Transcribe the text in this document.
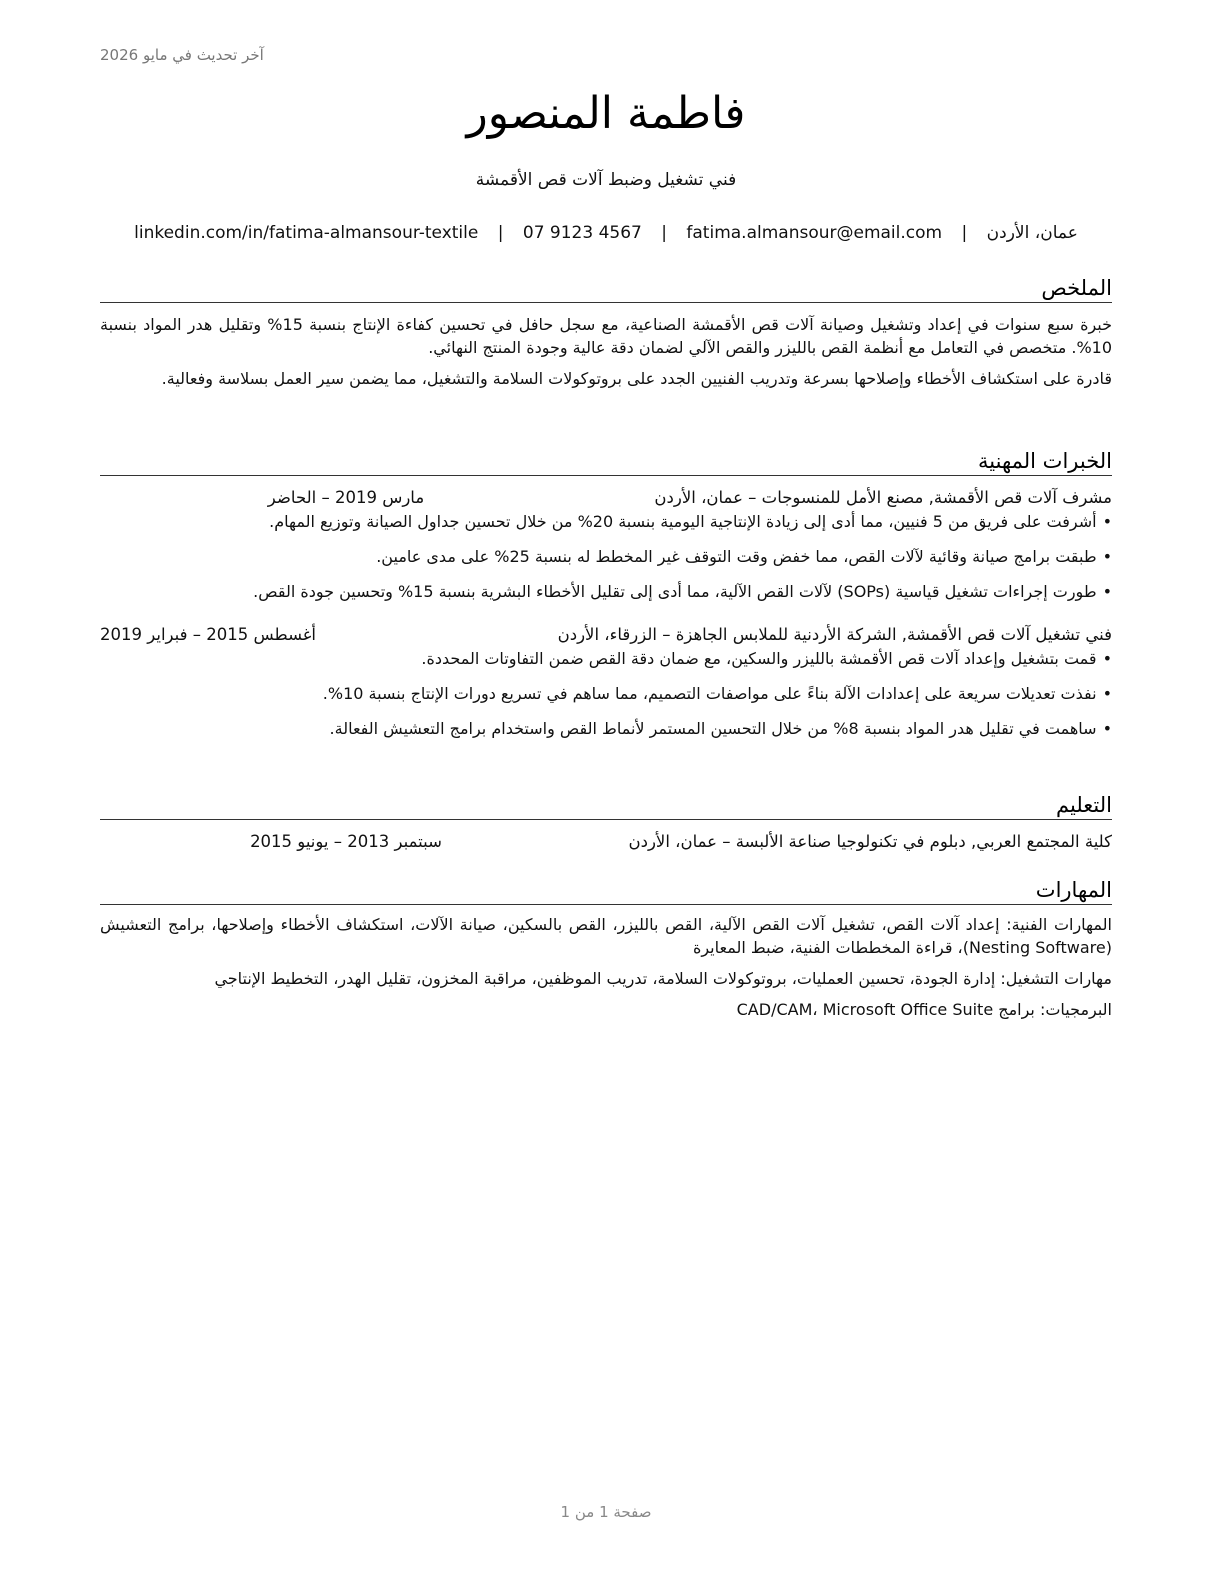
آخر تحديث في مايو 2026
فاطمة المنصور
فني تشغيل وضبط آلات قص الأقمشة
عمان، الأردن | fatima.almansour@email.com | 07 9123 4567 | linkedin.com/in/fatima-almansour-textile
الملخص

خبرة سبع سنوات في إعداد وتشغيل وصيانة آلات قص الأقمشة الصناعية، مع سجل حافل في تحسين كفاءة الإنتاج بنسبة 15% وتقليل هدر المواد بنسبة 10%. متخصص في التعامل مع أنظمة القص بالليزر والقص الآلي لضمان دقة عالية وجودة المنتج النهائي.

قادرة على استكشاف الأخطاء وإصلاحها بسرعة وتدريب الفنيين الجدد على بروتوكولات السلامة والتشغيل، مما يضمن سير العمل بسلاسة وفعالية.

الخبرات المهنية
مشرف آلات قص الأقمشة, مصنع الأمل للمنسوجات – عمان، الأردن
مارس 2019 – الحاضر
• أشرفت على فريق من 5 فنيين، مما أدى إلى زيادة الإنتاجية اليومية بنسبة 20% من خلال تحسين جداول الصيانة وتوزيع المهام.
• طبقت برامج صيانة وقائية لآلات القص، مما خفض وقت التوقف غير المخطط له بنسبة 25% على مدى عامين.
• طورت إجراءات تشغيل قياسية (SOPs) لآلات القص الآلية، مما أدى إلى تقليل الأخطاء البشرية بنسبة 15% وتحسين جودة القص.
فني تشغيل آلات قص الأقمشة, الشركة الأردنية للملابس الجاهزة – الزرقاء، الأردن
أغسطس 2015 – فبراير 2019
• قمت بتشغيل وإعداد آلات قص الأقمشة بالليزر والسكين، مع ضمان دقة القص ضمن التفاوتات المحددة.
• نفذت تعديلات سريعة على إعدادات الآلة بناءً على مواصفات التصميم، مما ساهم في تسريع دورات الإنتاج بنسبة 10%.
• ساهمت في تقليل هدر المواد بنسبة 8% من خلال التحسين المستمر لأنماط القص واستخدام برامج التعشيش الفعالة.
التعليم
كلية المجتمع العربي, دبلوم في تكنولوجيا صناعة الألبسة – عمان، الأردن
سبتمبر 2013 – يونيو 2015
المهارات

المهارات الفنية: إعداد آلات القص، تشغيل آلات القص الآلية، القص بالليزر، القص بالسكين، صيانة الآلات، استكشاف الأخطاء وإصلاحها، برامج التعشيش (Nesting Software)، قراءة المخططات الفنية، ضبط المعايرة

مهارات التشغيل: إدارة الجودة، تحسين العمليات، بروتوكولات السلامة، تدريب الموظفين، مراقبة المخزون، تقليل الهدر، التخطيط الإنتاجي

البرمجيات: برامج CAD/CAM، Microsoft Office Suite

صفحة 1 من 1
